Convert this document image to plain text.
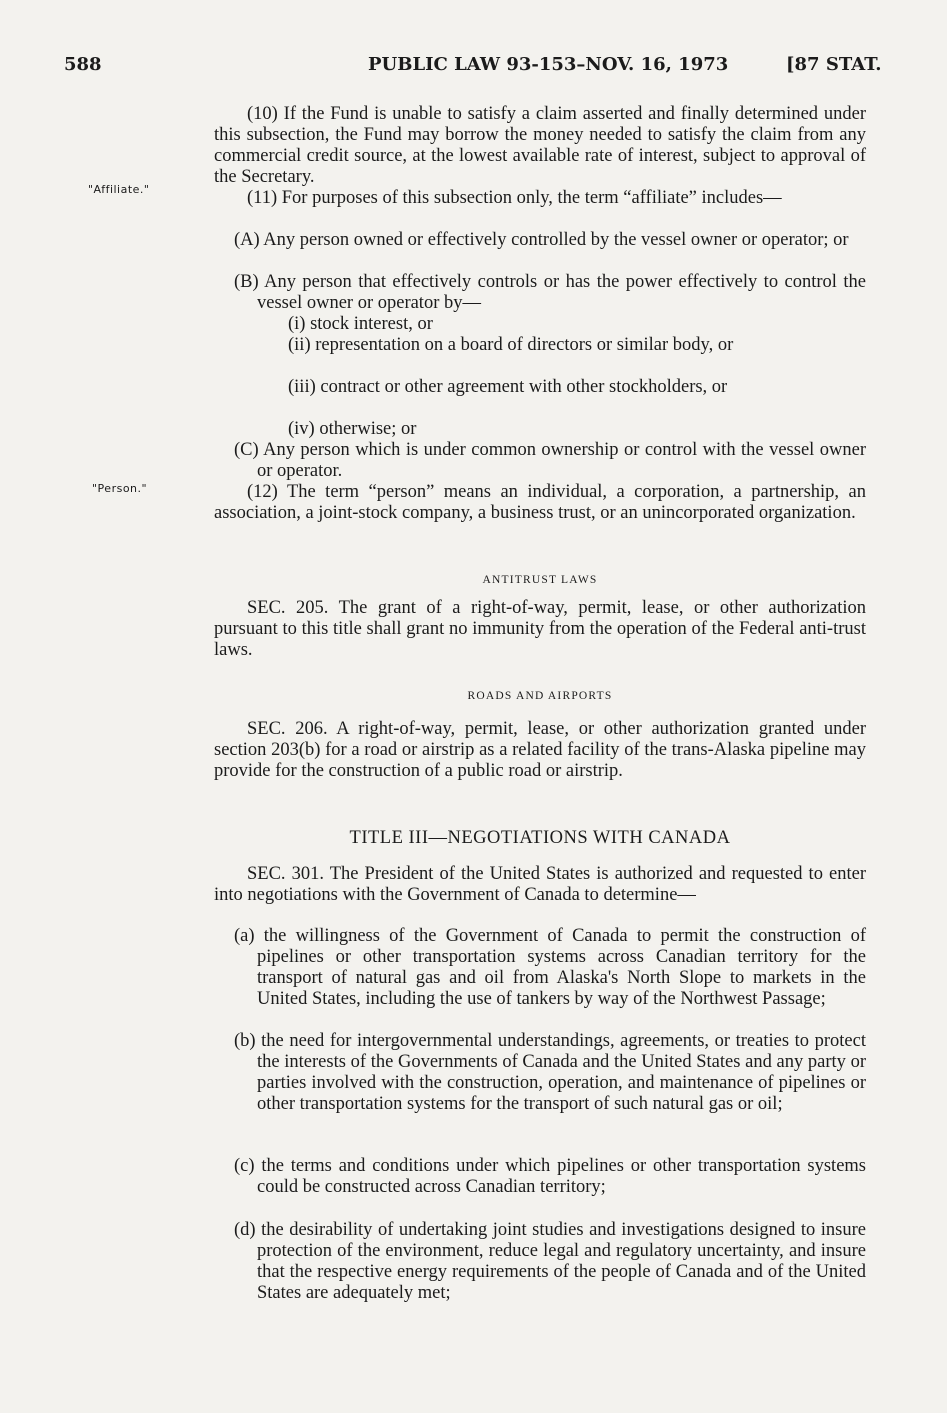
588	PUBLIC LAW 93-153–NOV. 16, 1973	[87 STAT.
"Affiliate."
"Person."
(10) If the Fund is unable to satisfy a claim asserted and finally determined under this subsection, the Fund may borrow the money needed to satisfy the claim from any commercial credit source, at the lowest available rate of interest, subject to approval of the Secretary.
(11) For purposes of this subsection only, the term “affiliate” includes—
(A) Any person owned or effectively controlled by the vessel owner or operator; or
(B) Any person that effectively controls or has the power effectively to control the vessel owner or operator by—
(i) stock interest, or
(ii) representation on a board of directors or similar body, or
(iii) contract or other agreement with other stockholders, or
(iv) otherwise; or
(C) Any person which is under common ownership or control with the vessel owner or operator.
(12) The term “person” means an individual, a corporation, a partnership, an association, a joint-stock company, a business trust, or an unincorporated organization.
ANTITRUST LAWS
SEC. 205. The grant of a right-of-way, permit, lease, or other authorization pursuant to this title shall grant no immunity from the operation of the Federal anti-trust laws.
ROADS AND AIRPORTS
SEC. 206. A right-of-way, permit, lease, or other authorization granted under section 203(b) for a road or airstrip as a related facility of the trans-Alaska pipeline may provide for the construction of a public road or airstrip.
TITLE III—NEGOTIATIONS WITH CANADA
SEC. 301. The President of the United States is authorized and requested to enter into negotiations with the Government of Canada to determine—
(a) the willingness of the Government of Canada to permit the construction of pipelines or other transportation systems across Canadian territory for the transport of natural gas and oil from Alaska's North Slope to markets in the United States, including the use of tankers by way of the Northwest Passage;
(b) the need for intergovernmental understandings, agreements, or treaties to protect the interests of the Governments of Canada and the United States and any party or parties involved with the construction, operation, and maintenance of pipelines or other transportation systems for the transport of such natural gas or oil;
(c) the terms and conditions under which pipelines or other transportation systems could be constructed across Canadian territory;
(d) the desirability of undertaking joint studies and investigations designed to insure protection of the environment, reduce legal and regulatory uncertainty, and insure that the respective energy requirements of the people of Canada and of the United States are adequately met;
